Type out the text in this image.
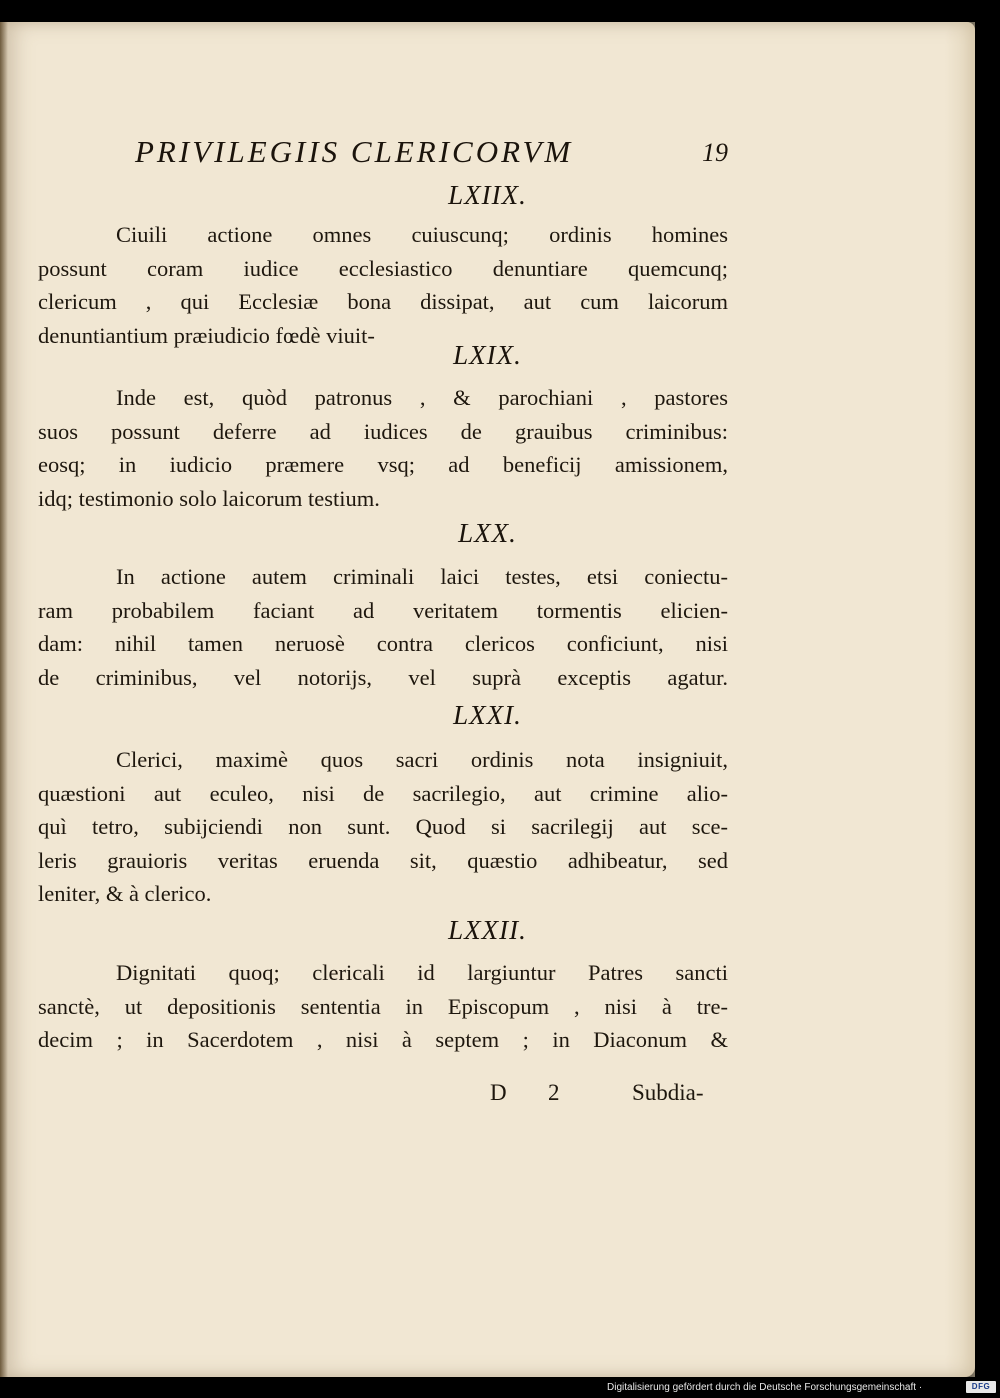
PRIVILEGIIS CLERICORVM	19
LXIIX.
Ciuili actione omnes cuiuscunq; ordinis homines
possunt coram iudice ecclesiastico denuntiare quemcunq;
clericum , qui Ecclesiæ bona dissipat, aut cum laicorum
denuntiantium præiudicio fœdè viuit-
LXIX.
Inde est, quòd patronus , & parochiani , pastores
suos possunt deferre ad iudices de grauibus criminibus:
eosq; in iudicio præmere vsq; ad beneficij amissionem,
idq; testimonio solo laicorum testium.
LXX.
In actione autem criminali laici testes, etsi coniectu-
ram probabilem faciant ad veritatem tormentis elicien-
dam: nihil tamen neruosè contra clericos conficiunt, nisi
de criminibus, vel notorijs, vel suprà exceptis agatur.
LXXI.
Clerici, maximè quos sacri ordinis nota insigniuit,
quæstioni aut eculeo, nisi de sacrilegio, aut crimine alio-
quì tetro, subijciendi non sunt. Quod si sacrilegij aut sce-
leris grauioris veritas eruenda sit, quæstio adhibeatur, sed
leniter, & à clerico.
LXXII.
Dignitati quoq; clericali id largiuntur Patres sancti
sanctè, ut depositionis sententia in Episcopum , nisi à tre-
decim ; in Sacerdotem , nisi à septem ; in Diaconum &
D 2	Subdia-
Digitalisierung gefördert durch die Deutsche Forschungsgemeinschaft ·	DFG
